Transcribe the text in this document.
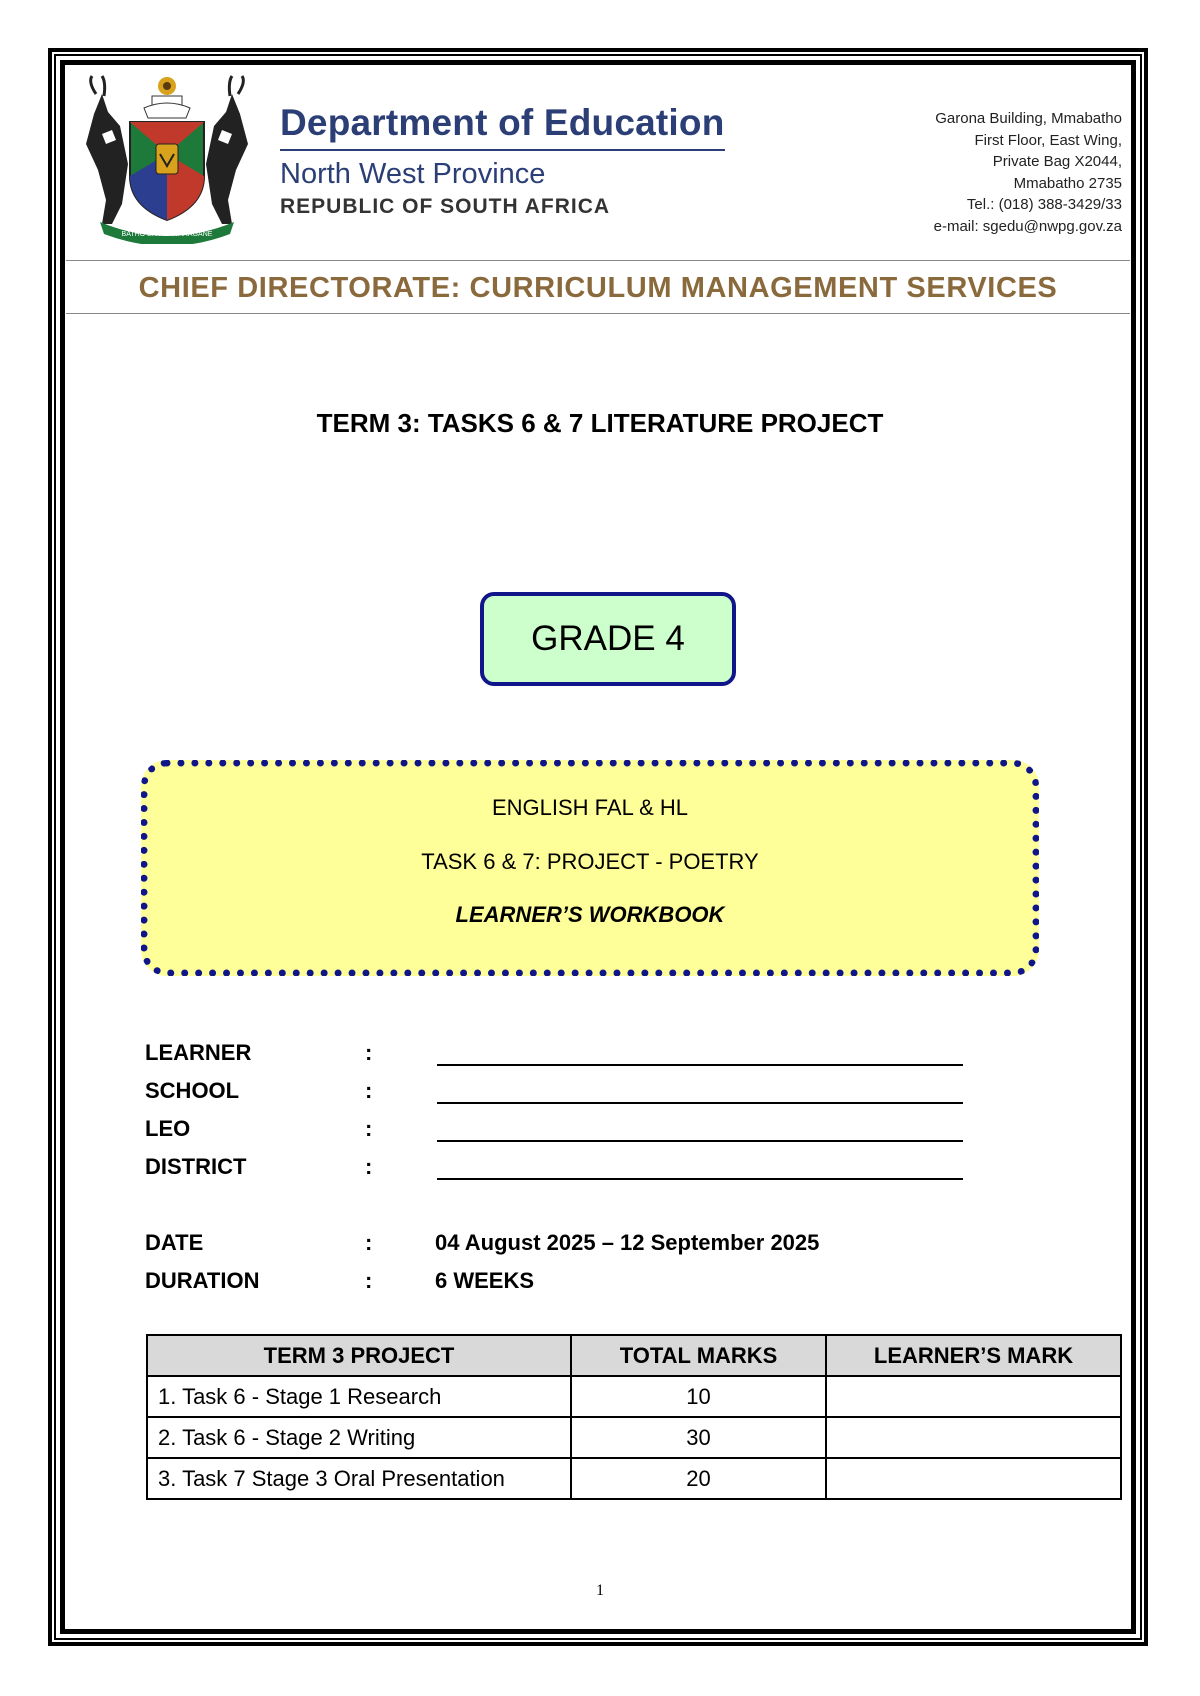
BATHO BA TSHWARAGANE
Department of Education
North West Province
REPUBLIC OF SOUTH AFRICA
Garona Building, Mmabatho
First Floor, East Wing,
Private Bag X2044,
Mmabatho 2735
Tel.: (018) 388-3429/33
e-mail: sgedu@nwpg.gov.za
CHIEF DIRECTORATE: CURRICULUM MANAGEMENT SERVICES
TERM 3: TASKS 6 & 7 LITERATURE PROJECT
GRADE 4
ENGLISH FAL & HL
TASK 6 & 7: PROJECT - POETRY
LEARNER’S WORKBOOK
LEARNER	:
SCHOOL	:
LEO	:
DISTRICT	:
DATE	:	04 August 2025 – 12 September 2025
DURATION	:	6 WEEKS
TERM 3 PROJECT	TOTAL MARKS	LEARNER’S MARK
1. Task 6 - Stage 1 Research	10	
2. Task 6 - Stage 2 Writing	30	
3. Task 7 Stage 3 Oral Presentation	20	
1
